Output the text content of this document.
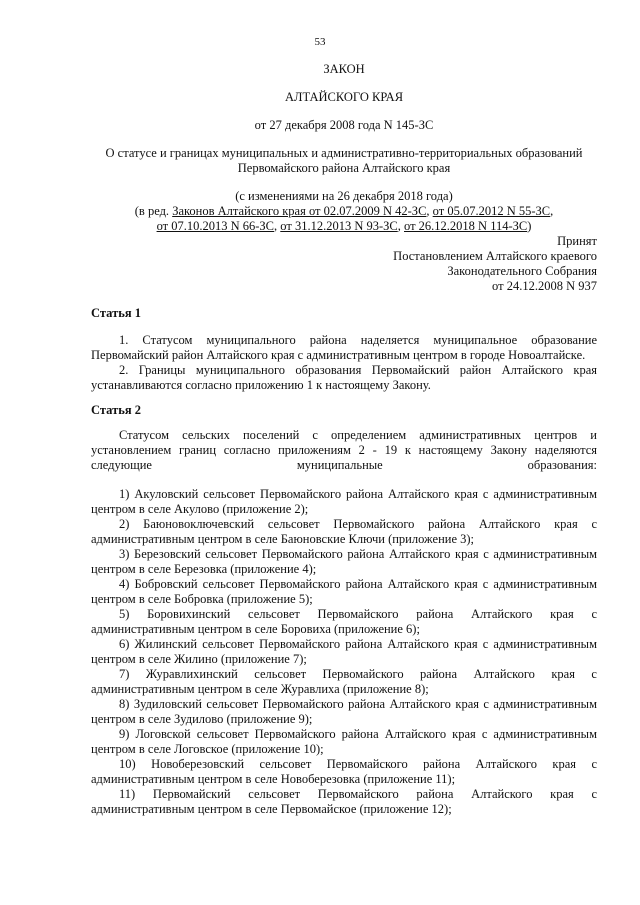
53
ЗАКОН
АЛТАЙСКОГО КРАЯ
от 27 декабря 2008 года N 145-ЗС
О статусе и границах муниципальных и административно-территориальных образований
Первомайского района Алтайского края
(с изменениями на 26 декабря 2018 года)
(в ред. Законов Алтайского края от 02.07.2009 N 42-ЗС, от 05.07.2012 N 55-ЗС,
от 07.10.2013 N 66-ЗС, от 31.12.2013 N 93-ЗС, от 26.12.2018 N 114-ЗС)
Принят
Постановлением Алтайского краевого
Законодательного Собрания
от 24.12.2008 N 937
Статья 1

1. Статусом муниципального района наделяется муниципальное образование Первомайский район Алтайского края с административным центром в городе Новоалтайске.

2. Границы муниципального образования Первомайский район Алтайского края устанавливаются согласно приложению 1 к настоящему Закону.

Статья 2

Статусом сельских поселений с определением административных центров и установлением границ согласно приложениям 2 - 19 к настоящему Закону наделяются следующие муниципальные образования:

1) Акуловский сельсовет Первомайского района Алтайского края с административным центром в селе Акулово (приложение 2);

2) Баюновоключевский сельсовет Первомайского района Алтайского края с административным центром в селе Баюновские Ключи (приложение 3);

3) Березовский сельсовет Первомайского района Алтайского края с административным центром в селе Березовка (приложение 4);

4) Бобровский сельсовет Первомайского района Алтайского края с административным центром в селе Бобровка (приложение 5);

5) Боровихинский сельсовет Первомайского района Алтайского края с административным центром в селе Боровиха (приложение 6);

6) Жилинский сельсовет Первомайского района Алтайского края с административным центром в селе Жилино (приложение 7);

7) Журавлихинский сельсовет Первомайского района Алтайского края с административным центром в селе Журавлиха (приложение 8);

8) Зудиловский сельсовет Первомайского района Алтайского края с административным центром в селе Зудилово (приложение 9);

9) Логовской сельсовет Первомайского района Алтайского края с административным центром в селе Логовское (приложение 10);

10) Новоберезовский сельсовет Первомайского района Алтайского края с административным центром в селе Новоберезовка (приложение 11);

11) Первомайский сельсовет Первомайского района Алтайского края с административным центром в селе Первомайское (приложение 12);
